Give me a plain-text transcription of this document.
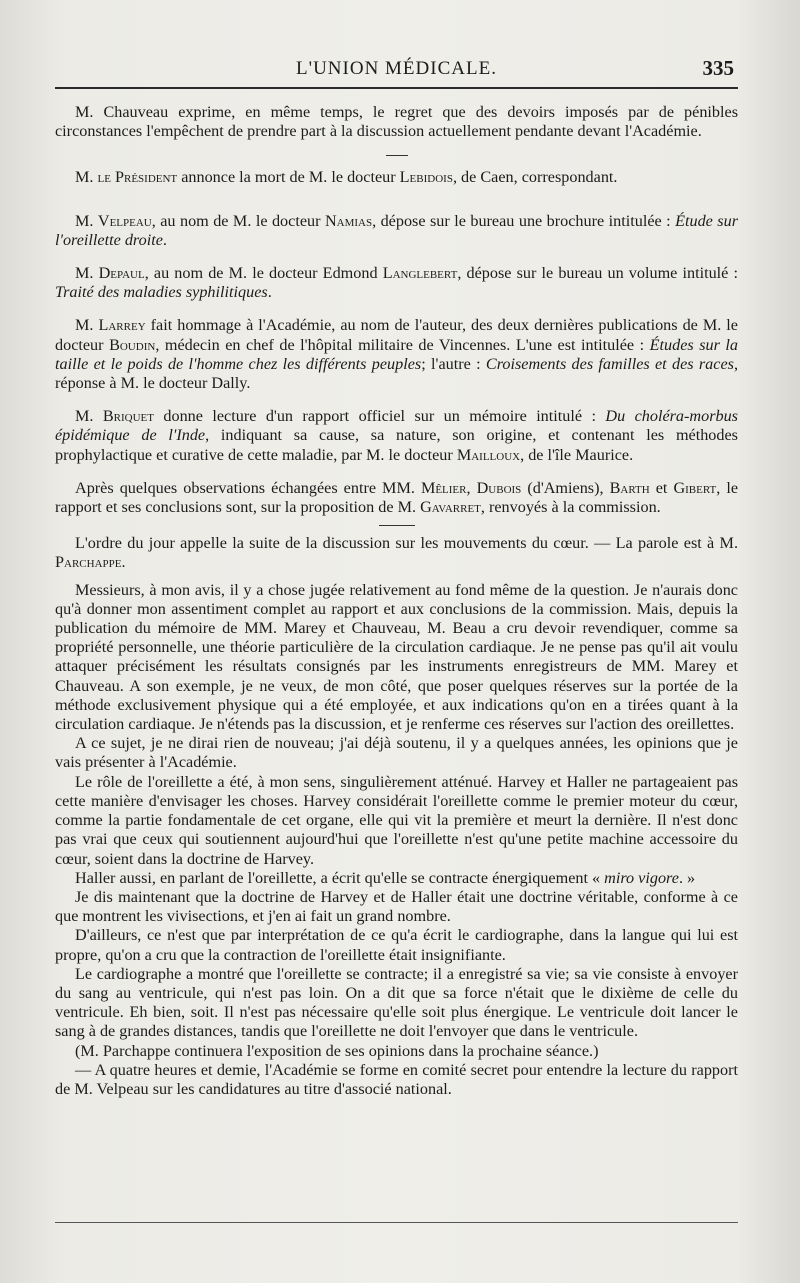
L'UNION MÉDICALE.	335

M. Chauveau exprime, en même temps, le regret que des devoirs imposés par de pénibles circonstances l'empêchent de prendre part à la discussion actuellement pendante devant l'Académie.

M. le Président annonce la mort de M. le docteur Lebidois, de Caen, correspondant.

M. Velpeau, au nom de M. le docteur Namias, dépose sur le bureau une brochure intitulée : Étude sur l'oreillette droite.

M. Depaul, au nom de M. le docteur Edmond Langlebert, dépose sur le bureau un volume intitulé : Traité des maladies syphilitiques.

M. Larrey fait hommage à l'Académie, au nom de l'auteur, des deux dernières publications de M. le docteur Boudin, médecin en chef de l'hôpital militaire de Vincennes. L'une est intitulée : Études sur la taille et le poids de l'homme chez les différents peuples; l'autre : Croisements des familles et des races, réponse à M. le docteur Dally.

M. Briquet donne lecture d'un rapport officiel sur un mémoire intitulé : Du choléra-morbus épidémique de l'Inde, indiquant sa cause, sa nature, son origine, et contenant les méthodes prophylactique et curative de cette maladie, par M. le docteur Mailloux, de l'île Maurice.

Après quelques observations échangées entre MM. Mêlier, Dubois (d'Amiens), Barth et Gibert, le rapport et ses conclusions sont, sur la proposition de M. Gavarret, renvoyés à la commission.

L'ordre du jour appelle la suite de la discussion sur les mouvements du cœur. — La parole est à M. Parchappe.

Messieurs, à mon avis, il y a chose jugée relativement au fond même de la question. Je n'aurais donc qu'à donner mon assentiment complet au rapport et aux conclusions de la commission. Mais, depuis la publication du mémoire de MM. Marey et Chauveau, M. Beau a cru devoir revendiquer, comme sa propriété personnelle, une théorie particulière de la circulation cardiaque. Je ne pense pas qu'il ait voulu attaquer précisément les résultats consignés par les instruments enregistreurs de MM. Marey et Chauveau. A son exemple, je ne veux, de mon côté, que poser quelques réserves sur la portée de la méthode exclusivement physique qui a été employée, et aux indications qu'on en a tirées quant à la circulation cardiaque. Je n'étends pas la discussion, et je renferme ces réserves sur l'action des oreillettes.

A ce sujet, je ne dirai rien de nouveau; j'ai déjà soutenu, il y a quelques années, les opinions que je vais présenter à l'Académie.

Le rôle de l'oreillette a été, à mon sens, singulièrement atténué. Harvey et Haller ne partageaient pas cette manière d'envisager les choses. Harvey considérait l'oreillette comme le premier moteur du cœur, comme la partie fondamentale de cet organe, elle qui vit la première et meurt la dernière. Il n'est donc pas vrai que ceux qui soutiennent aujourd'hui que l'oreillette n'est qu'une petite machine accessoire du cœur, soient dans la doctrine de Harvey.

Haller aussi, en parlant de l'oreillette, a écrit qu'elle se contracte énergiquement « miro vigore. »

Je dis maintenant que la doctrine de Harvey et de Haller était une doctrine véritable, conforme à ce que montrent les vivisections, et j'en ai fait un grand nombre.

D'ailleurs, ce n'est que par interprétation de ce qu'a écrit le cardiographe, dans la langue qui lui est propre, qu'on a cru que la contraction de l'oreillette était insignifiante.

Le cardiographe a montré que l'oreillette se contracte; il a enregistré sa vie; sa vie consiste à envoyer du sang au ventricule, qui n'est pas loin. On a dit que sa force n'était que le dixième de celle du ventricule. Eh bien, soit. Il n'est pas nécessaire qu'elle soit plus énergique. Le ventricule doit lancer le sang à de grandes distances, tandis que l'oreillette ne doit l'envoyer que dans le ventricule.

(M. Parchappe continuera l'exposition de ses opinions dans la prochaine séance.)

— A quatre heures et demie, l'Académie se forme en comité secret pour entendre la lecture du rapport de M. Velpeau sur les candidatures au titre d'associé national.
